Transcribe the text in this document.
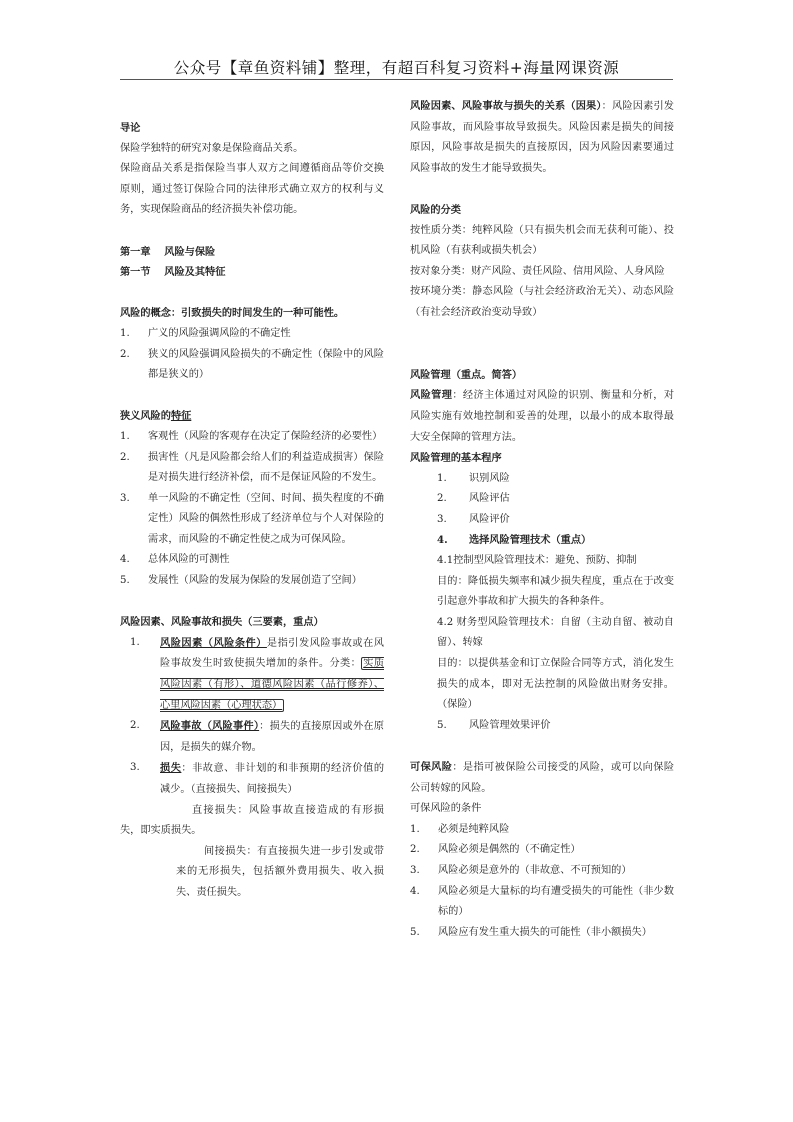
公众号【章鱼资料铺】整理，有超百科复习资料+海量网课资源

导论

保险学独特的研究对象是保险商品关系。

保险商品关系是指保险当事人双方之间遵循商品等价交换原则，通过签订保险合同的法律形式确立双方的权利与义务，实现保险商品的经济损失补偿功能。

第一章　 风险与保险

第一节　 风险及其特征

风险的概念：引致损失的时间发生的一种可能性。

1.	广义的风险强调风险的不确定性
2.	狭义的风险强调风险损失的不确定性（保险中的风险都是狭义的）

狭义风险的特征

1.	客观性（风险的客观存在决定了保险经济的必要性）
2.	损害性（凡是风险都会给人们的利益造成损害）保险是对损失进行经济补偿，而不是保证风险的不发生。
3.	单一风险的不确定性（空间、时间、损失程度的不确定性）风险的偶然性形成了经济单位与个人对保险的需求，而风险的不确定性使之成为可保风险。
4.	总体风险的可测性
5.	发展性（风险的发展为保险的发展创造了空间）

风险因素、风险事故和损失（三要素，重点）

1.	风险因素（风险条件）是指引发风险事故或在风险事故发生时致使损失增加的条件。分类： 实质风险因素（有形）、道德风险因素（品行修养）、心里风险因素（心理状态）
2.	风险事故（风险事件）：损失的直接原因或外在原因，是损失的媒介物。
3.	损失：非故意、非计划的和非预期的经济价值的减少。（直接损失、间接损失）

直接损失：风险事故直接造成的有形损失，即实质损失。

间接损失：有直接损失进一步引发或带来的无形损失，包括额外费用损失、收入损失、责任损失。

风险因素、风险事故与损失的关系（因果）：风险因素引发风险事故，而风险事故导致损失。风险因素是损失的间接原因，风险事故是损失的直接原因，因为风险因素要通过风险事故的发生才能导致损失。

风险的分类

按性质分类：纯粹风险（只有损失机会而无获利可能）、投机风险（有获利或损失机会）

按对象分类：财产风险、责任风险、信用风险、人身风险

按环境分类：静态风险（与社会经济政治无关）、动态风险（有社会经济政治变动导致）

风险管理（重点。简答）

风险管理：经济主体通过对风险的识别、衡量和分析，对风险实施有效地控制和妥善的处理，以最小的成本取得最大安全保障的管理方法。

风险管理的基本程序

1.	识别风险
2.	风险评估
3.	风险评价
4.	选择风险管理技术（重点）

4.1控制型风险管理技术：避免、预防、抑制

目的：降低损失频率和减少损失程度，重点在于改变引起意外事故和扩大损失的各种条件。

4.2 财务型风险管理技术：自留（主动自留、被动自留）、转嫁

目的：以提供基金和订立保险合同等方式，消化发生损失的成本，即对无法控制的风险做出财务安排。（保险）

5.	风险管理效果评价

可保风险：是指可被保险公司接受的风险，或可以向保险公司转嫁的风险。

可保风险的条件

1.	必须是纯粹风险
2.	风险必须是偶然的（不确定性）
3.	风险必须是意外的（非故意、不可预知的）
4.	风险必须是大量标的均有遭受损失的可能性（非少数标的）
5.	风险应有发生重大损失的可能性（非小额损失）
